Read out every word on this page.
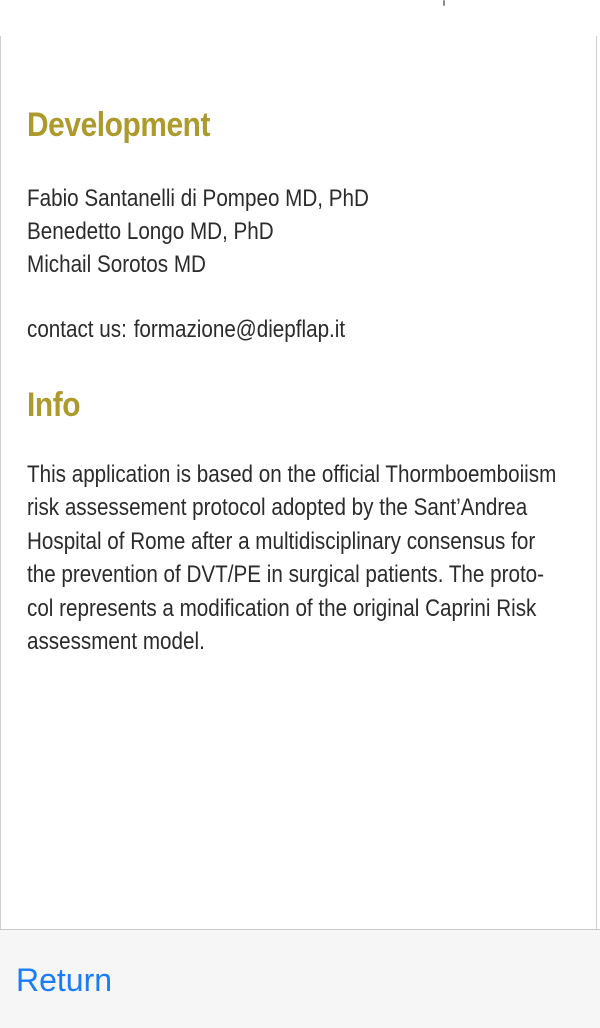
Development

Fabio Santanelli di Pompeo MD, PhD

Benedetto Longo MD, PhD

Michail Sorotos MD

contact us: formazione@diepflap.it

Info
This application is based on the official Thormboemboiism
risk assessement protocol adopted by the Sant’Andrea
Hospital of Rome after a multidisciplinary consensus for
the prevention of DVT/PE in surgical patients. The proto-
col represents a modification of the original Caprini Risk
assessment model.
Return
